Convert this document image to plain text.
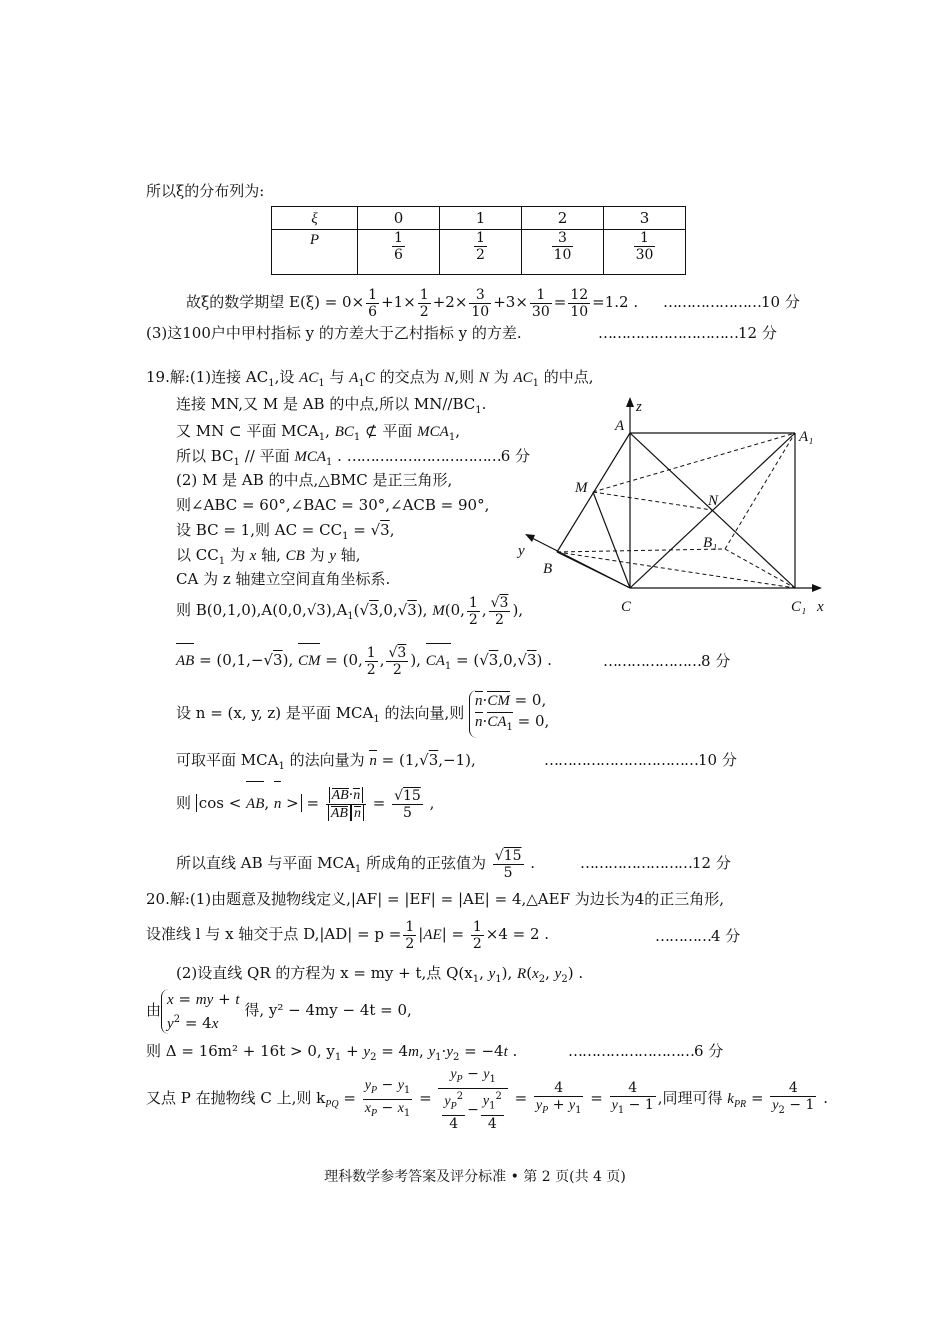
所以ξ的分布列为:
ξ	0	1	2	3
P	$\frac{1}{6}$	$\frac{1}{2}$	$\frac{3}{10}$	$\frac{1}{30}$
故ξ的数学期望 $E(\xi) = 0\times \frac{1}{6} +1\times \frac{1}{2} +2\times \frac{3}{10} +3\times \frac{1}{30} = \frac{12}{10} =1.2$ . …………………10 分
(3)这100户中甲村指标 y 的方差大于乙村指标 y 的方差.	…………………………12 分
19.解:(1)连接 $AC_1$,设 $AC_1$ 与 $A_1C$ 的交点为 N,则 N 为 $AC_1$ 的中点,
连接 MN,又 M 是 AB 的中点,所以 $MN//BC_1$.
又 MN ⊂ 平面 $MCA_1$, $BC_1$ ⊄ 平面 $MCA_1$,
所以 $BC_1$ // 平面 $MCA_1$ . ……………………………6 分
(2) M 是 AB 的中点,△BMC 是正三角形,
则∠ABC = 60°,∠BAC = 30°,∠ACB = 90°,
设 BC = 1,则 AC = $CC_1 = √3$,
以 $CC_1$ 为 x 轴, CB 为 y 轴,
CA 为 z 轴建立空间直角坐标系.
则 $B(0,1,0),A(0,0,√3),A_1(√3,0,√3)$, M(0, $\frac{1}{2}$ , $\frac{√3}{2}$ ),
AB = (0,1,−√3), CM = (0, $\frac{1}{2}$ , $\frac{√3}{2}$ ), $CA_1 = (√3,0,√3)$ .	…………………8 分
设 n = (x, y, z) 是平面 $MCA_1$ 的法向量,则 n·CM = 0,
$n\cdot CA_1 = 0$,
可取平面 $MCA_1$ 的法向量为 n = (1,√3,−1),	……………………………10 分
则 cos < AB, n > = $\frac{AB\cdot n}{\text{AB n}} = \frac{√15}{5}$ ,
所以直线 AB 与平面 $MCA_1$ 所成角的正弦值为 $\frac{√15}{5}$ .	……………………12 分
20.解:(1)由题意及抛物线定义,|AF| = |EF| = |AE| = 4,△AEF 为边长为4的正三角形,
设准线 l 与 x 轴交于点 $D,|AD| = p = \frac{1}{2} |AE| = \frac{1}{2} \times 4 = 2$ .	…………4 分
(2)设直线 QR 的方程为 x = my + t,点 $Q(x_1$, $y_1$), $R(x_2$, $y_2$) .
由x = my + t
$y^2 = 4x$ 得, y² − 4my − 4t = 0,
则 Δ = 16m² + 16t > 0, $y_1 + y_2 = 4m$, $y_1\cdot y_2 = -4t$ .	………………………6 分
又点 P 在抛物线 C 上,则 $k_{PQ} = \frac{y_P - y_1}{x_P - x_1} = \frac{y_P - y_1}{\frac{y_P^2}{4} - \frac{y_1^2}{4}} = \frac{4}{y_P + y_1} = \frac{4}{y_1 - 1}$ ,同理可得 $k_{PR} = \frac{4}{y_2 - 1}$ .
A
A₁
M
N
B₁
B
C	C₁ x
y
z
理科数学参考答案及评分标准 • 第 2 页(共 4 页)
